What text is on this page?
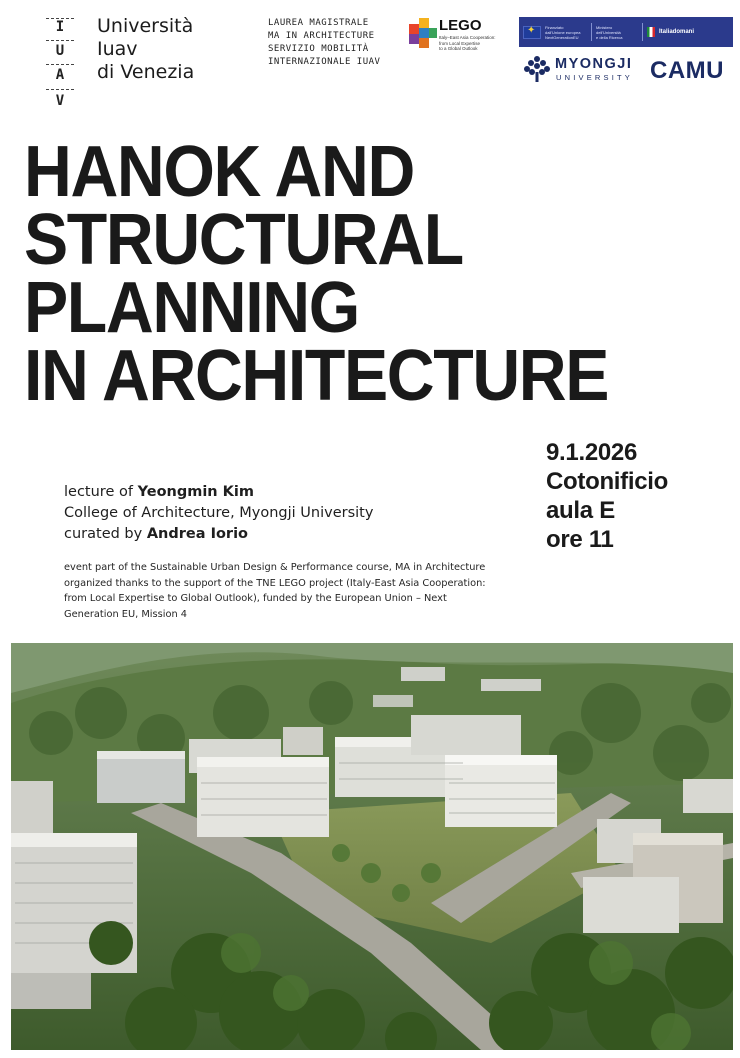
I
U
A
V
Università
Iuav
di Venezia
LAUREA MAGISTRALE
MA IN ARCHITECTURE
SERVIZIO MOBILITÀ
INTERNAZIONALE IUAV
LEGO
Italy–East Asia Cooperation:
from Local Expertise
to a Global Outlook
✦
Finanziato
dall'Unione europea
NextGenerationEU
Ministero
dell'Università
e della Ricerca
Italiadomani
MYONGJI
UNIVERSITY CAMU
HANOK AND
STRUCTURAL
PLANNING
IN ARCHITECTURE
9.1.2026
Cotonificio
aula E
ore 11
lecture of Yeongmin Kim
College of Architecture, Myongji University
curated by Andrea Iorio
event part of the Sustainable Urban Design & Performance course, MA in Architecture
organized thanks to the support of the TNE LEGO project (Italy-East Asia Cooperation:
from Local Expertise to Global Outlook), funded by the European Union – Next
Generation EU, Mission 4
